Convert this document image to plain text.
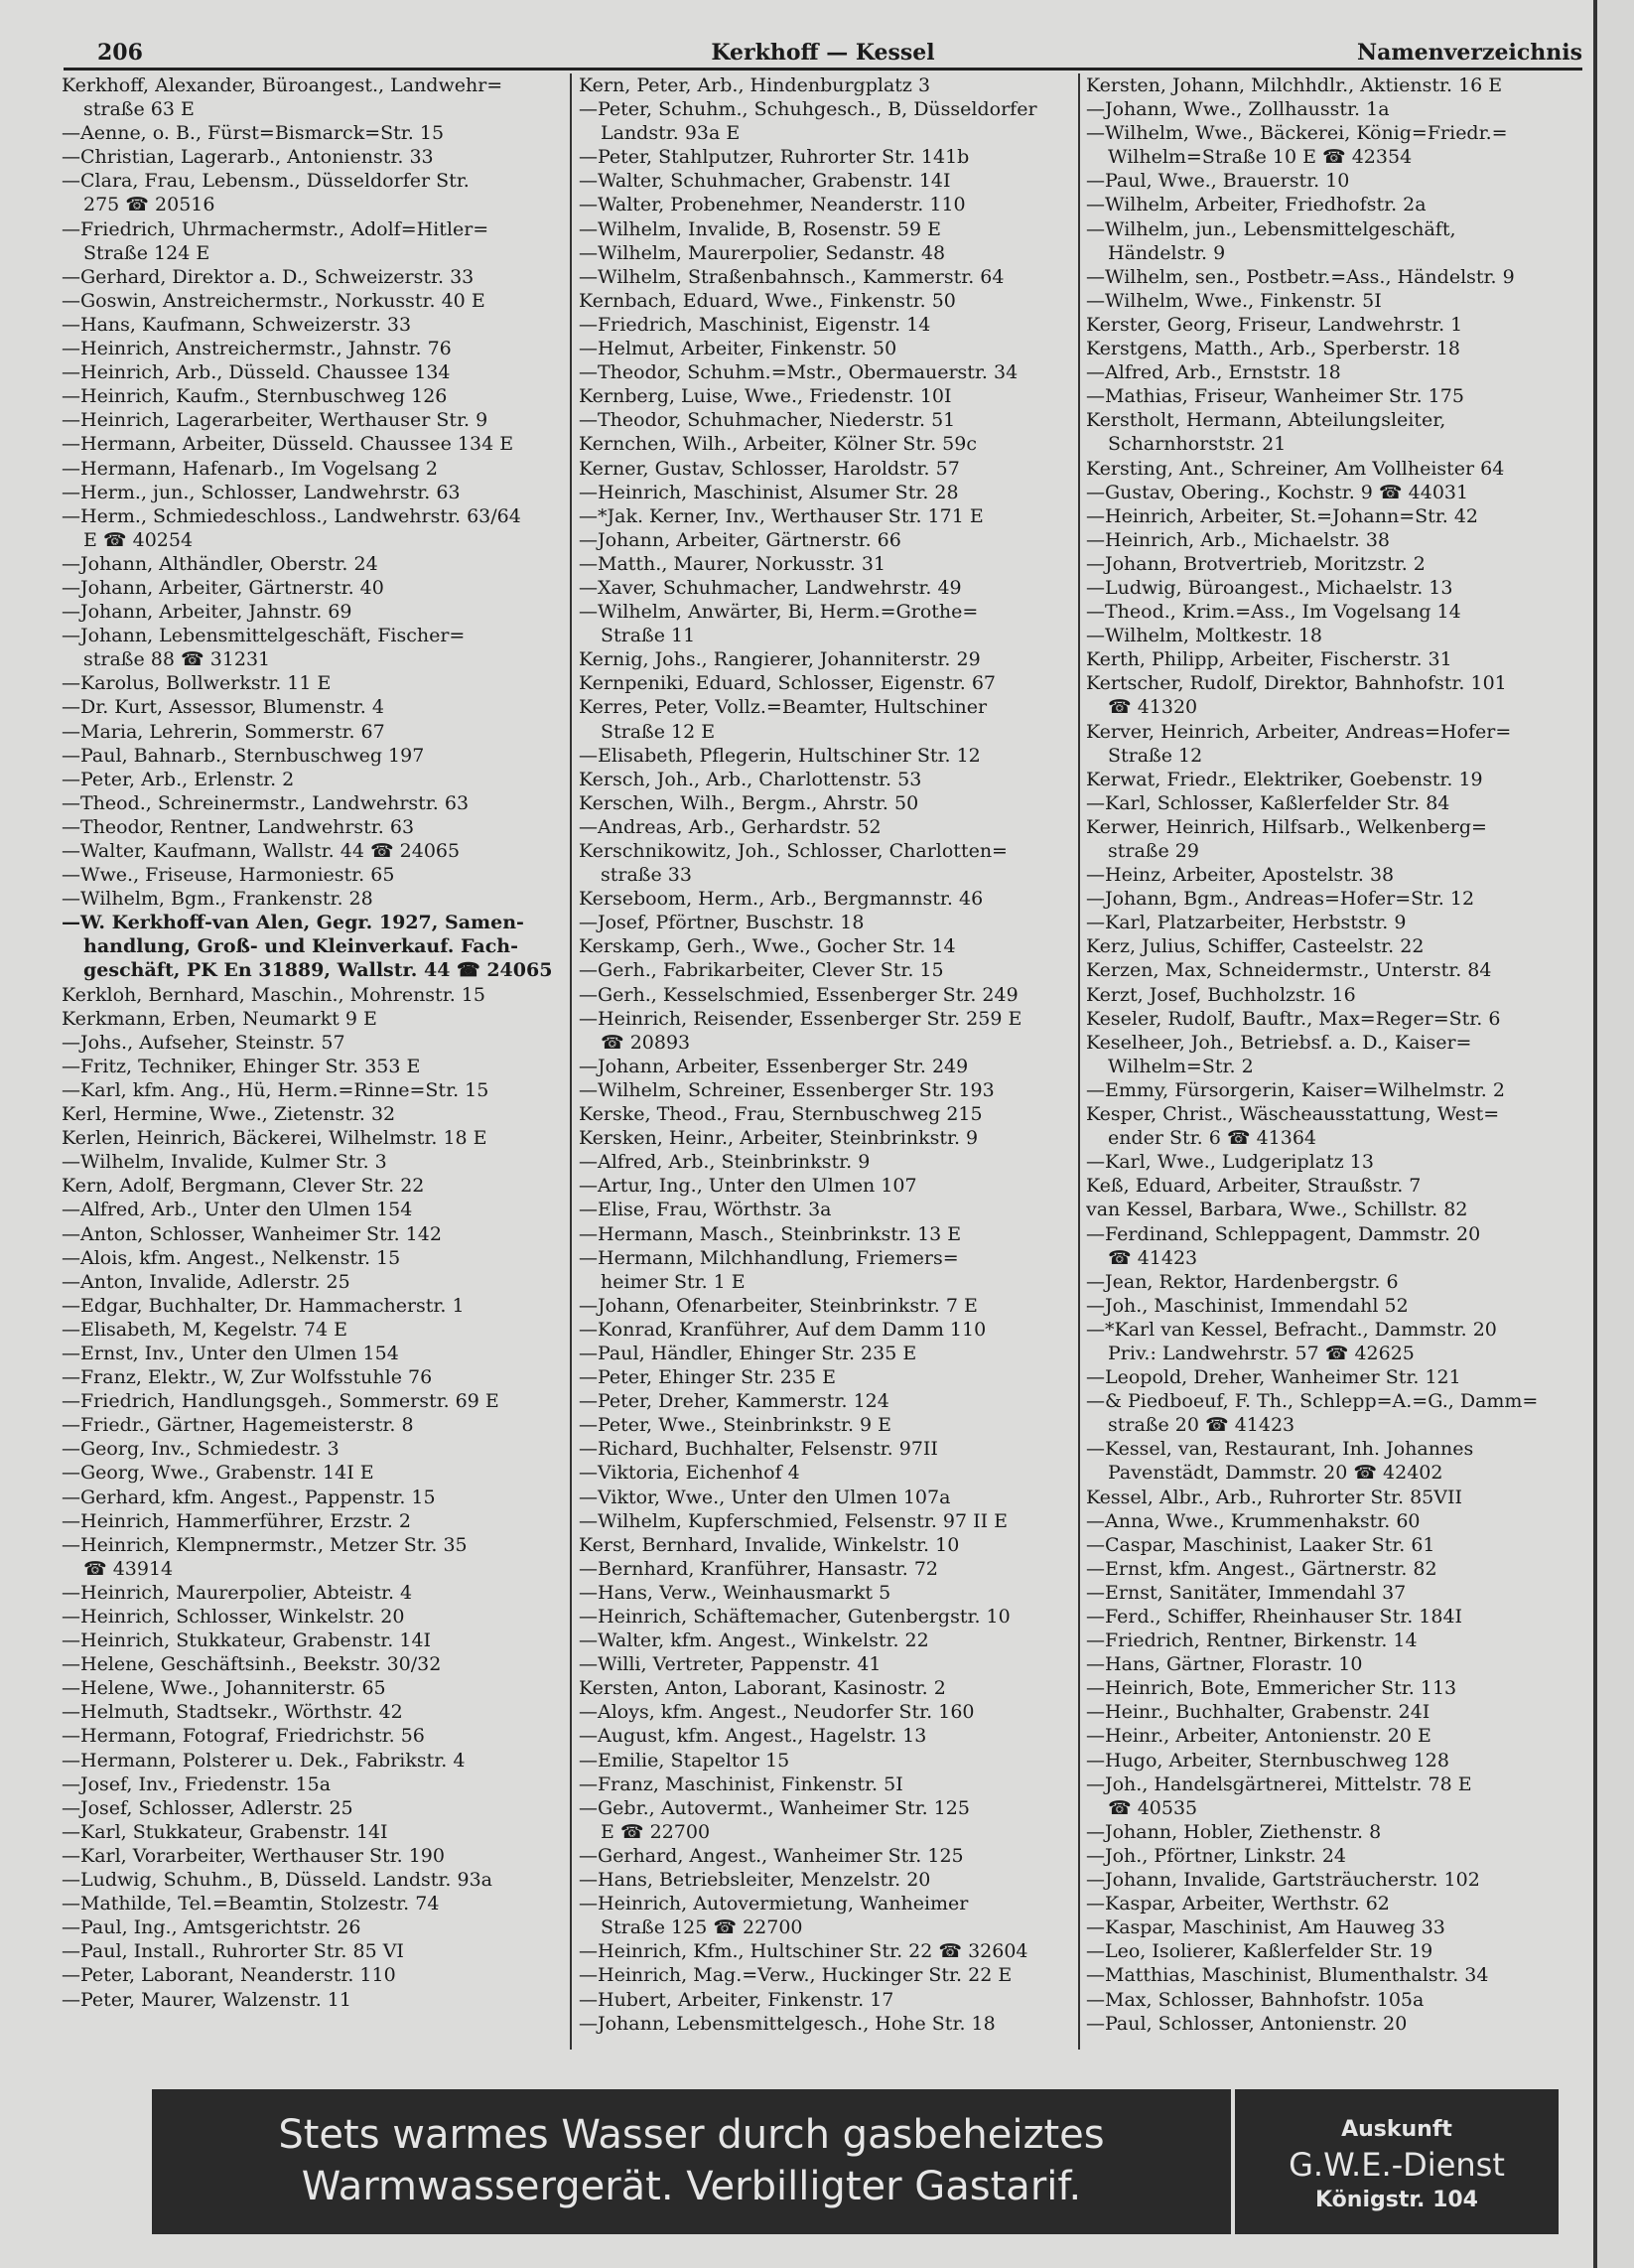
206	Kerkhoff — Kessel	Namenverzeichnis
Kerkhoff, Alexander, Büroangest., Landwehr=
straße 63 E
—Aenne, o. B., Fürst=Bismarck=Str. 15
—Christian, Lagerarb., Antonienstr. 33
—Clara, Frau, Lebensm., Düsseldorfer Str.
275 ☎ 20516
—Friedrich, Uhrmachermstr., Adolf=Hitler=
Straße 124 E
—Gerhard, Direktor a. D., Schweizerstr. 33
—Goswin, Anstreichermstr., Norkusstr. 40 E
—Hans, Kaufmann, Schweizerstr. 33
—Heinrich, Anstreichermstr., Jahnstr. 76
—Heinrich, Arb., Düsseld. Chaussee 134
—Heinrich, Kaufm., Sternbuschweg 126
—Heinrich, Lagerarbeiter, Werthauser Str. 9
—Hermann, Arbeiter, Düsseld. Chaussee 134 E
—Hermann, Hafenarb., Im Vogelsang 2
—Herm., jun., Schlosser, Landwehrstr. 63
—Herm., Schmiedeschloss., Landwehrstr. 63/64
E ☎ 40254
—Johann, Althändler, Oberstr. 24
—Johann, Arbeiter, Gärtnerstr. 40
—Johann, Arbeiter, Jahnstr. 69
—Johann, Lebensmittelgeschäft, Fischer=
straße 88 ☎ 31231
—Karolus, Bollwerkstr. 11 E
—Dr. Kurt, Assessor, Blumenstr. 4
—Maria, Lehrerin, Sommerstr. 67
—Paul, Bahnarb., Sternbuschweg 197
—Peter, Arb., Erlenstr. 2
—Theod., Schreinermstr., Landwehrstr. 63
—Theodor, Rentner, Landwehrstr. 63
—Walter, Kaufmann, Wallstr. 44 ☎ 24065
—Wwe., Friseuse, Harmoniestr. 65
—Wilhelm, Bgm., Frankenstr. 28
—W. Kerkhoff-van Alen, Gegr. 1927, Samen-
handlung, Groß- und Kleinverkauf. Fach-
geschäft, PK En 31889, Wallstr. 44 ☎ 24065
Kerkloh, Bernhard, Maschin., Mohrenstr. 15
Kerkmann, Erben, Neumarkt 9 E
—Johs., Aufseher, Steinstr. 57
—Fritz, Techniker, Ehinger Str. 353 E
—Karl, kfm. Ang., Hü, Herm.=Rinne=Str. 15
Kerl, Hermine, Wwe., Zietenstr. 32
Kerlen, Heinrich, Bäckerei, Wilhelmstr. 18 E
—Wilhelm, Invalide, Kulmer Str. 3
Kern, Adolf, Bergmann, Clever Str. 22
—Alfred, Arb., Unter den Ulmen 154
—Anton, Schlosser, Wanheimer Str. 142
—Alois, kfm. Angest., Nelkenstr. 15
—Anton, Invalide, Adlerstr. 25
—Edgar, Buchhalter, Dr. Hammacherstr. 1
—Elisabeth, M, Kegelstr. 74 E
—Ernst, Inv., Unter den Ulmen 154
—Franz, Elektr., W, Zur Wolfsstuhle 76
—Friedrich, Handlungsgeh., Sommerstr. 69 E
—Friedr., Gärtner, Hagemeisterstr. 8
—Georg, Inv., Schmiedestr. 3
—Georg, Wwe., Grabenstr. 14I E
—Gerhard, kfm. Angest., Pappenstr. 15
—Heinrich, Hammerführer, Erzstr. 2
—Heinrich, Klempnermstr., Metzer Str. 35
☎ 43914
—Heinrich, Maurerpolier, Abteistr. 4
—Heinrich, Schlosser, Winkelstr. 20
—Heinrich, Stukkateur, Grabenstr. 14I
—Helene, Geschäftsinh., Beekstr. 30/32
—Helene, Wwe., Johanniterstr. 65
—Helmuth, Stadtsekr., Wörthstr. 42
—Hermann, Fotograf, Friedrichstr. 56
—Hermann, Polsterer u. Dek., Fabrikstr. 4
—Josef, Inv., Friedenstr. 15a
—Josef, Schlosser, Adlerstr. 25
—Karl, Stukkateur, Grabenstr. 14I
—Karl, Vorarbeiter, Werthauser Str. 190
—Ludwig, Schuhm., B, Düsseld. Landstr. 93a
—Mathilde, Tel.=Beamtin, Stolzestr. 74
—Paul, Ing., Amtsgerichtstr. 26
—Paul, Install., Ruhrorter Str. 85 VI
—Peter, Laborant, Neanderstr. 110
—Peter, Maurer, Walzenstr. 11
Kern, Peter, Arb., Hindenburgplatz 3
—Peter, Schuhm., Schuhgesch., B, Düsseldorfer
Landstr. 93a E
—Peter, Stahlputzer, Ruhrorter Str. 141b
—Walter, Schuhmacher, Grabenstr. 14I
—Walter, Probenehmer, Neanderstr. 110
—Wilhelm, Invalide, B, Rosenstr. 59 E
—Wilhelm, Maurerpolier, Sedanstr. 48
—Wilhelm, Straßenbahnsch., Kammerstr. 64
Kernbach, Eduard, Wwe., Finkenstr. 50
—Friedrich, Maschinist, Eigenstr. 14
—Helmut, Arbeiter, Finkenstr. 50
—Theodor, Schuhm.=Mstr., Obermauerstr. 34
Kernberg, Luise, Wwe., Friedenstr. 10I
—Theodor, Schuhmacher, Niederstr. 51
Kernchen, Wilh., Arbeiter, Kölner Str. 59c
Kerner, Gustav, Schlosser, Haroldstr. 57
—Heinrich, Maschinist, Alsumer Str. 28
—*Jak. Kerner, Inv., Werthauser Str. 171 E
—Johann, Arbeiter, Gärtnerstr. 66
—Matth., Maurer, Norkusstr. 31
—Xaver, Schuhmacher, Landwehrstr. 49
—Wilhelm, Anwärter, Bi, Herm.=Grothe=
Straße 11
Kernig, Johs., Rangierer, Johanniterstr. 29
Kernpeniki, Eduard, Schlosser, Eigenstr. 67
Kerres, Peter, Vollz.=Beamter, Hultschiner
Straße 12 E
—Elisabeth, Pflegerin, Hultschiner Str. 12
Kersch, Joh., Arb., Charlottenstr. 53
Kerschen, Wilh., Bergm., Ahrstr. 50
—Andreas, Arb., Gerhardstr. 52
Kerschnikowitz, Joh., Schlosser, Charlotten=
straße 33
Kerseboom, Herm., Arb., Bergmannstr. 46
—Josef, Pförtner, Buschstr. 18
Kerskamp, Gerh., Wwe., Gocher Str. 14
—Gerh., Fabrikarbeiter, Clever Str. 15
—Gerh., Kesselschmied, Essenberger Str. 249
—Heinrich, Reisender, Essenberger Str. 259 E
☎ 20893
—Johann, Arbeiter, Essenberger Str. 249
—Wilhelm, Schreiner, Essenberger Str. 193
Kerske, Theod., Frau, Sternbuschweg 215
Kersken, Heinr., Arbeiter, Steinbrinkstr. 9
—Alfred, Arb., Steinbrinkstr. 9
—Artur, Ing., Unter den Ulmen 107
—Elise, Frau, Wörthstr. 3a
—Hermann, Masch., Steinbrinkstr. 13 E
—Hermann, Milchhandlung, Friemers=
heimer Str. 1 E
—Johann, Ofenarbeiter, Steinbrinkstr. 7 E
—Konrad, Kranführer, Auf dem Damm 110
—Paul, Händler, Ehinger Str. 235 E
—Peter, Ehinger Str. 235 E
—Peter, Dreher, Kammerstr. 124
—Peter, Wwe., Steinbrinkstr. 9 E
—Richard, Buchhalter, Felsenstr. 97II
—Viktoria, Eichenhof 4
—Viktor, Wwe., Unter den Ulmen 107a
—Wilhelm, Kupferschmied, Felsenstr. 97 II E
Kerst, Bernhard, Invalide, Winkelstr. 10
—Bernhard, Kranführer, Hansastr. 72
—Hans, Verw., Weinhausmarkt 5
—Heinrich, Schäftemacher, Gutenbergstr. 10
—Walter, kfm. Angest., Winkelstr. 22
—Willi, Vertreter, Pappenstr. 41
Kersten, Anton, Laborant, Kasinostr. 2
—Aloys, kfm. Angest., Neudorfer Str. 160
—August, kfm. Angest., Hagelstr. 13
—Emilie, Stapeltor 15
—Franz, Maschinist, Finkenstr. 5I
—Gebr., Autovermt., Wanheimer Str. 125
E ☎ 22700
—Gerhard, Angest., Wanheimer Str. 125
—Hans, Betriebsleiter, Menzelstr. 20
—Heinrich, Autovermietung, Wanheimer
Straße 125 ☎ 22700
—Heinrich, Kfm., Hultschiner Str. 22 ☎ 32604
—Heinrich, Mag.=Verw., Huckinger Str. 22 E
—Hubert, Arbeiter, Finkenstr. 17
—Johann, Lebensmittelgesch., Hohe Str. 18
Kersten, Johann, Milchhdlr., Aktienstr. 16 E
—Johann, Wwe., Zollhausstr. 1a
—Wilhelm, Wwe., Bäckerei, König=Friedr.=
Wilhelm=Straße 10 E ☎ 42354
—Paul, Wwe., Brauerstr. 10
—Wilhelm, Arbeiter, Friedhofstr. 2a
—Wilhelm, jun., Lebensmittelgeschäft,
Händelstr. 9
—Wilhelm, sen., Postbetr.=Ass., Händelstr. 9
—Wilhelm, Wwe., Finkenstr. 5I
Kerster, Georg, Friseur, Landwehrstr. 1
Kerstgens, Matth., Arb., Sperberstr. 18
—Alfred, Arb., Ernststr. 18
—Mathias, Friseur, Wanheimer Str. 175
Kerstholt, Hermann, Abteilungsleiter,
Scharnhorststr. 21
Kersting, Ant., Schreiner, Am Vollheister 64
—Gustav, Obering., Kochstr. 9 ☎ 44031
—Heinrich, Arbeiter, St.=Johann=Str. 42
—Heinrich, Arb., Michaelstr. 38
—Johann, Brotvertrieb, Moritzstr. 2
—Ludwig, Büroangest., Michaelstr. 13
—Theod., Krim.=Ass., Im Vogelsang 14
—Wilhelm, Moltkestr. 18
Kerth, Philipp, Arbeiter, Fischerstr. 31
Kertscher, Rudolf, Direktor, Bahnhofstr. 101
☎ 41320
Kerver, Heinrich, Arbeiter, Andreas=Hofer=
Straße 12
Kerwat, Friedr., Elektriker, Goebenstr. 19
—Karl, Schlosser, Kaßlerfelder Str. 84
Kerwer, Heinrich, Hilfsarb., Welkenberg=
straße 29
—Heinz, Arbeiter, Apostelstr. 38
—Johann, Bgm., Andreas=Hofer=Str. 12
—Karl, Platzarbeiter, Herbststr. 9
Kerz, Julius, Schiffer, Casteelstr. 22
Kerzen, Max, Schneidermstr., Unterstr. 84
Kerzt, Josef, Buchholzstr. 16
Keseler, Rudolf, Bauftr., Max=Reger=Str. 6
Keselheer, Joh., Betriebsf. a. D., Kaiser=
Wilhelm=Str. 2
—Emmy, Fürsorgerin, Kaiser=Wilhelmstr. 2
Kesper, Christ., Wäscheausstattung, West=
ender Str. 6 ☎ 41364
—Karl, Wwe., Ludgeriplatz 13
Keß, Eduard, Arbeiter, Straußstr. 7
van Kessel, Barbara, Wwe., Schillstr. 82
—Ferdinand, Schleppagent, Dammstr. 20
☎ 41423
—Jean, Rektor, Hardenbergstr. 6
—Joh., Maschinist, Immendahl 52
—*Karl van Kessel, Befracht., Dammstr. 20
Priv.: Landwehrstr. 57 ☎ 42625
—Leopold, Dreher, Wanheimer Str. 121
—& Piedboeuf, F. Th., Schlepp=A.=G., Damm=
straße 20 ☎ 41423
—Kessel, van, Restaurant, Inh. Johannes
Pavenstädt, Dammstr. 20 ☎ 42402
Kessel, Albr., Arb., Ruhrorter Str. 85VII
—Anna, Wwe., Krummenhakstr. 60
—Caspar, Maschinist, Laaker Str. 61
—Ernst, kfm. Angest., Gärtnerstr. 82
—Ernst, Sanitäter, Immendahl 37
—Ferd., Schiffer, Rheinhauser Str. 184I
—Friedrich, Rentner, Birkenstr. 14
—Hans, Gärtner, Florastr. 10
—Heinrich, Bote, Emmericher Str. 113
—Heinr., Buchhalter, Grabenstr. 24I
—Heinr., Arbeiter, Antonienstr. 20 E
—Hugo, Arbeiter, Sternbuschweg 128
—Joh., Handelsgärtnerei, Mittelstr. 78 E
☎ 40535
—Johann, Hobler, Ziethenstr. 8
—Joh., Pförtner, Linkstr. 24
—Johann, Invalide, Gartsträucherstr. 102
—Kaspar, Arbeiter, Werthstr. 62
—Kaspar, Maschinist, Am Hauweg 33
—Leo, Isolierer, Kaßlerfelder Str. 19
—Matthias, Maschinist, Blumenthalstr. 34
—Max, Schlosser, Bahnhofstr. 105a
—Paul, Schlosser, Antonienstr. 20
Stets warmes Wasser durch gasbeheiztes
Warmwassergerät. Verbilligter Gastarif.
Auskunft
G.W.E.-Dienst
Königstr. 104
